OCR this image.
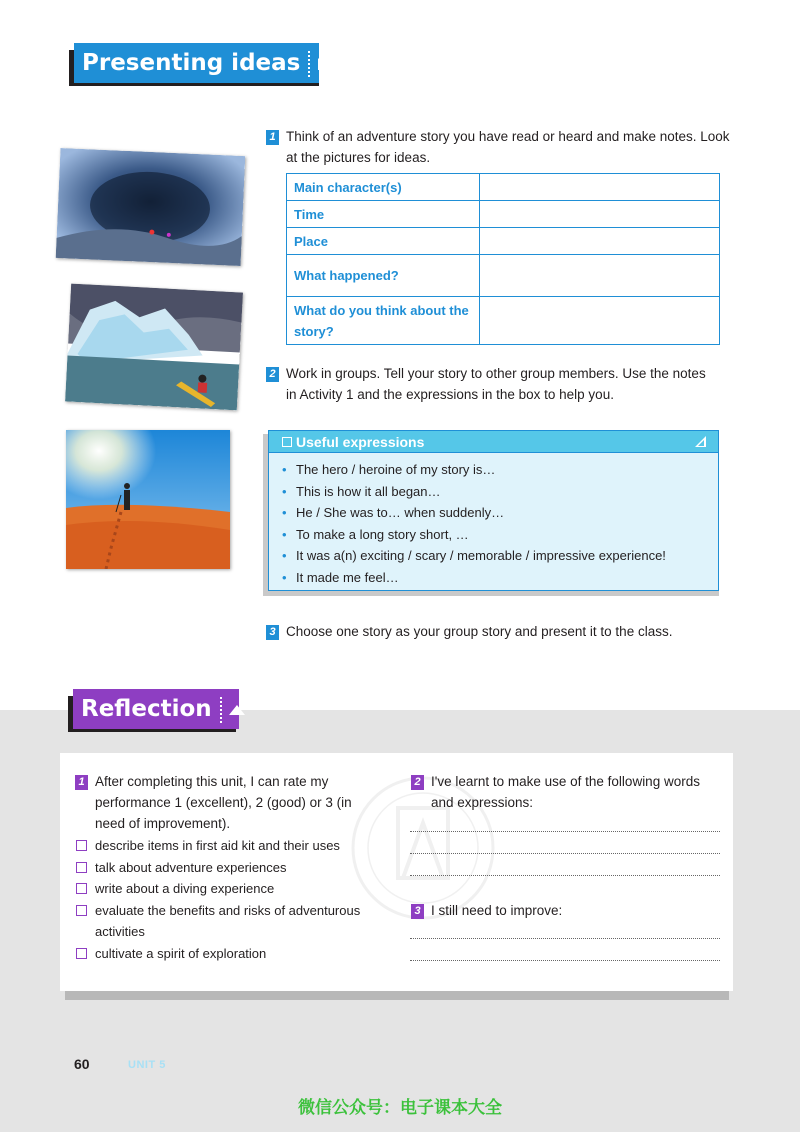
Presenting ideas
1 Think of an adventure story you have read or heard and make notes. Look at the pictures for ideas.
Main character(s)	
Time	
Place	
What happened?	
What do you think about the story?	
2 Work in groups. Tell your story to other group members. Use the notes in Activity 1 and the expressions in the box to help you.
Useful expressions
• The hero / heroine of my story is…
• This is how it all began…
• He / She was to… when suddenly…
• To make a long story short, …
• It was a(n) exciting / scary / memorable / impressive experience!
• It made me feel…
3 Choose one story as your group story and present it to the class.
Reflection
1 After completing this unit, I can rate my performance 1 (excellent), 2 (good) or 3 (in need of improvement).
describe items in first aid kit and their uses
talk about adventure experiences
write about a diving experience
evaluate the benefits and risks of adventurous activities
cultivate a spirit of exploration
2 I've learnt to make use of the following words and expressions:
3 I still need to improve:
60	UNIT 5
微信公众号：电子课本大全
